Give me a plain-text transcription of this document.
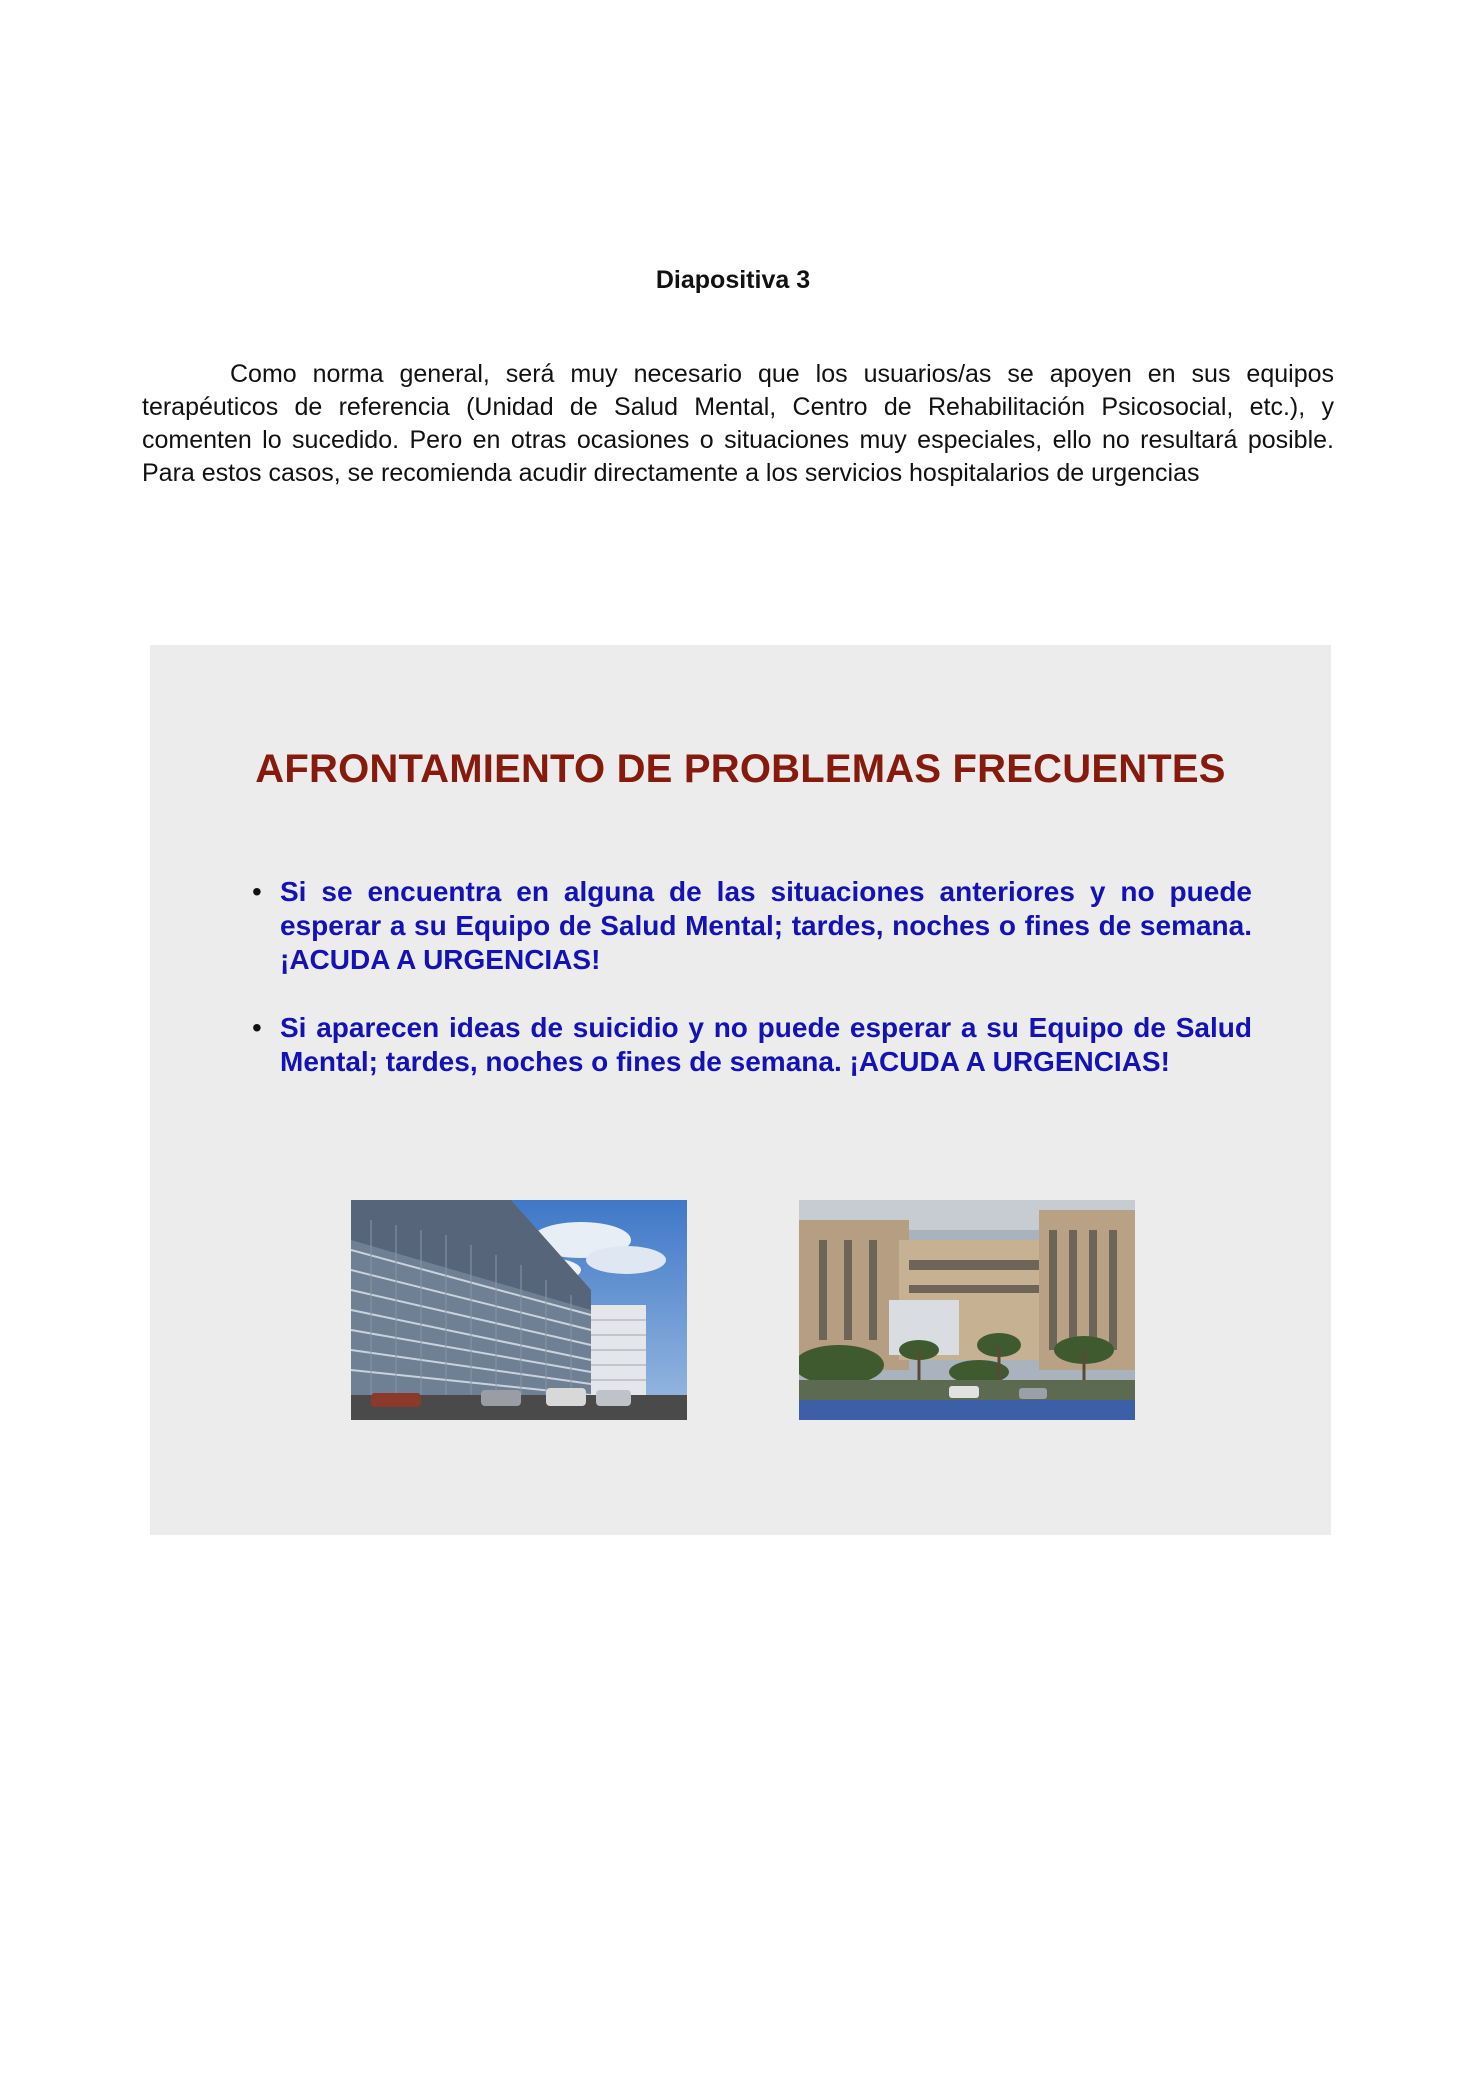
Diapositiva 3

Como norma general, será muy necesario que los usuarios/as se apoyen en sus equipos terapéuticos de referencia (Unidad de Salud Mental, Centro de Rehabilitación Psicosocial, etc.), y comenten lo sucedido. Pero en otras ocasiones o situaciones muy especiales, ello no resultará posible. Para estos casos, se recomienda acudir directamente a los servicios hospitalarios de urgencias

AFRONTAMIENTO DE PROBLEMAS FRECUENTES
• Si se encuentra en alguna de las situaciones anteriores y no puede esperar a su Equipo de Salud Mental; tardes, noches o fines de semana. ¡ACUDA A URGENCIAS!
• Si aparecen ideas de suicidio y no puede esperar a su Equipo de Salud Mental; tardes, noches o fines de semana. ¡ACUDA A URGENCIAS!
